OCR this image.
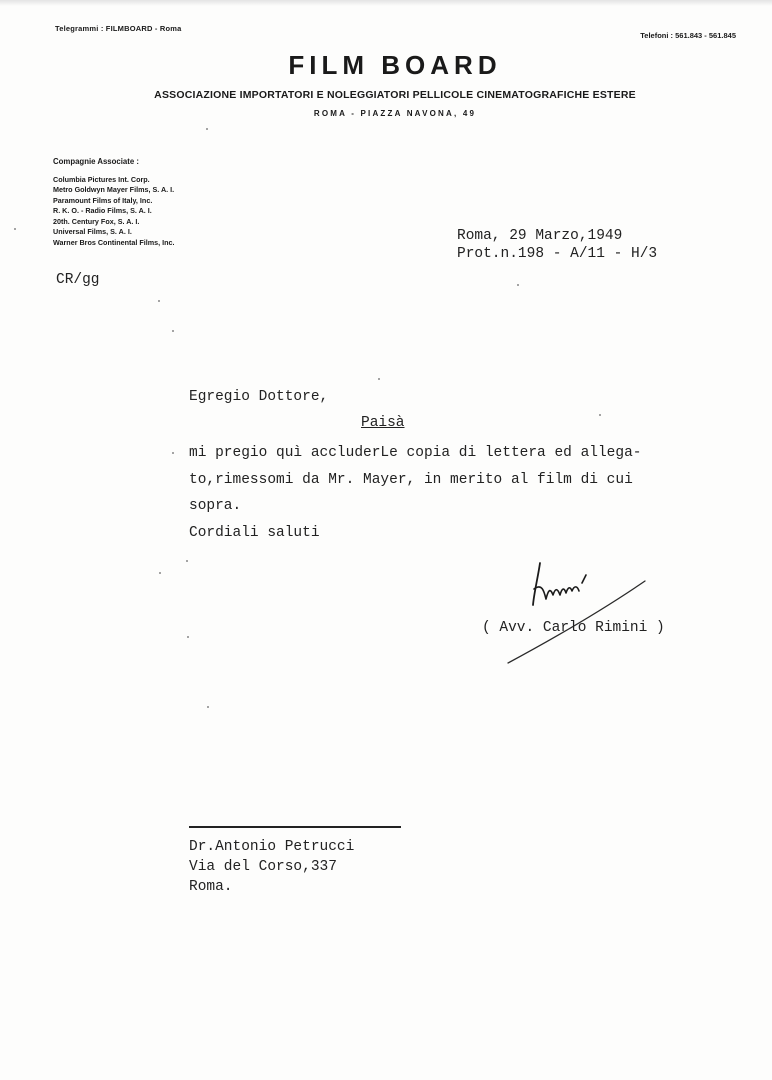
Telegrammi : FILMBOARD - Roma
Telefoni : 561.843 - 561.845
FILM BOARD
ASSOCIAZIONE IMPORTATORI E NOLEGGIATORI PELLICOLE CINEMATOGRAFICHE ESTERE
ROMA - PIAZZA NAVONA, 49
Compagnie Associate :
Columbia Pictures Int. Corp.
Metro Goldwyn Mayer Films, S. A. I.
Paramount Films of Italy, Inc.
R. K. O. - Radio Films, S. A. I.
20th. Century Fox, S. A. I.
Universal Films, S. A. I.
Warner Bros Continental Films, Inc.
CR/gg
Roma, 29 Marzo,1949
Prot.n.198 - A/11 - H/3
Egregio Dottore,
Paisà
mi pregio quì accluderLe copia di lettera ed allega-
to,rimessomi da Mr. Mayer, in merito al film di cui
sopra.
Cordiali saluti
( Avv. Carlo Rimini )
Dr.Antonio Petrucci
Via del Corso,337
Roma.
